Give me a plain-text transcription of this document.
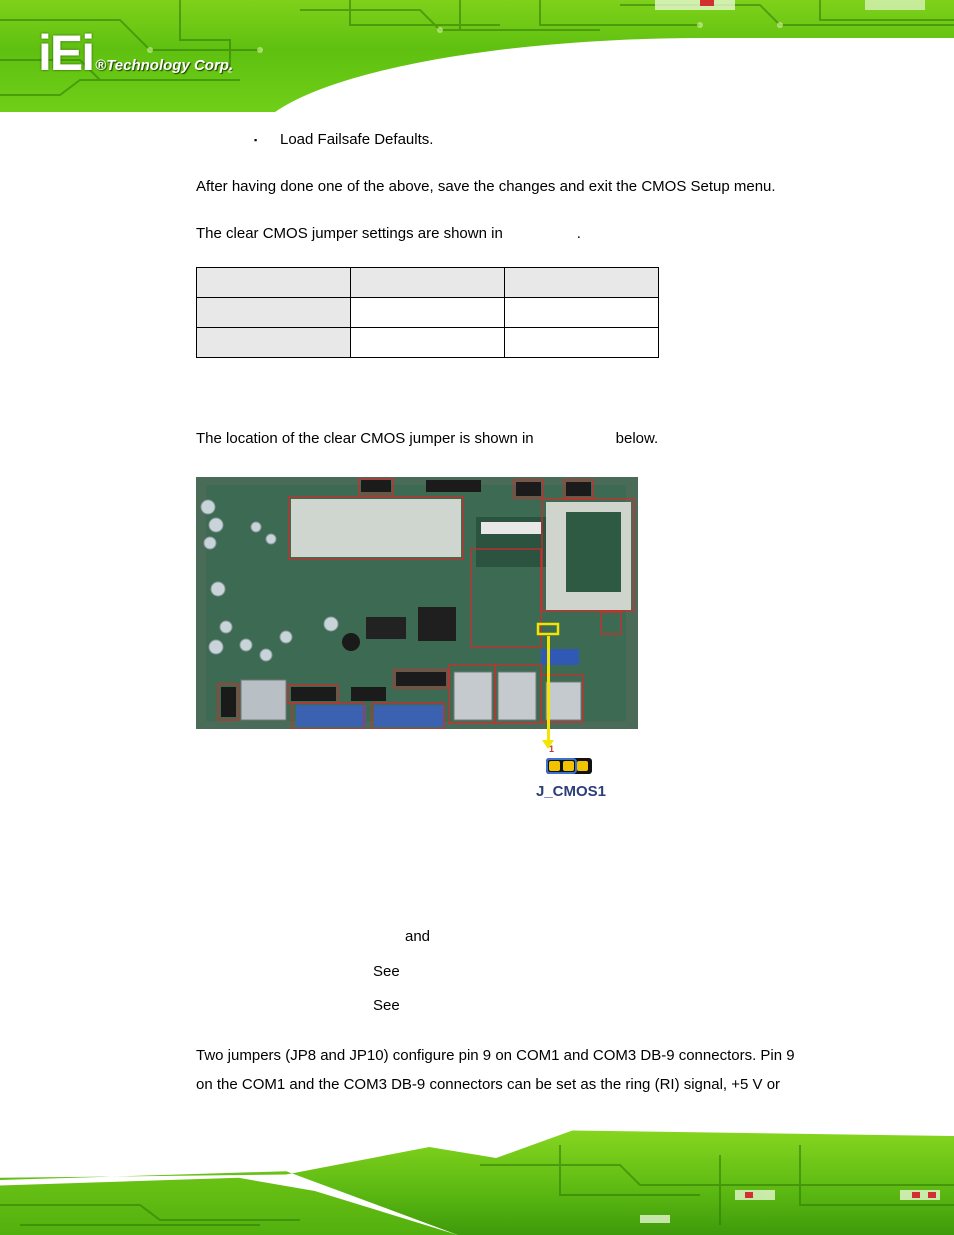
iEi ®Technology Corp.
▪ Load Failsafe Defaults.

After having done one of the above, save the changes and exit the CMOS Setup menu.

The clear CMOS jumper settings are shown in	.

The location of the clear CMOS jumper is shown in	below.

1
J_CMOS1

and

See

See

Two jumpers (JP8 and JP10) configure pin 9 on COM1 and COM3 DB-9 connectors. Pin 9

on the COM1 and the COM3 DB-9 connectors can be set as the ring (RI) signal, +5 V or
